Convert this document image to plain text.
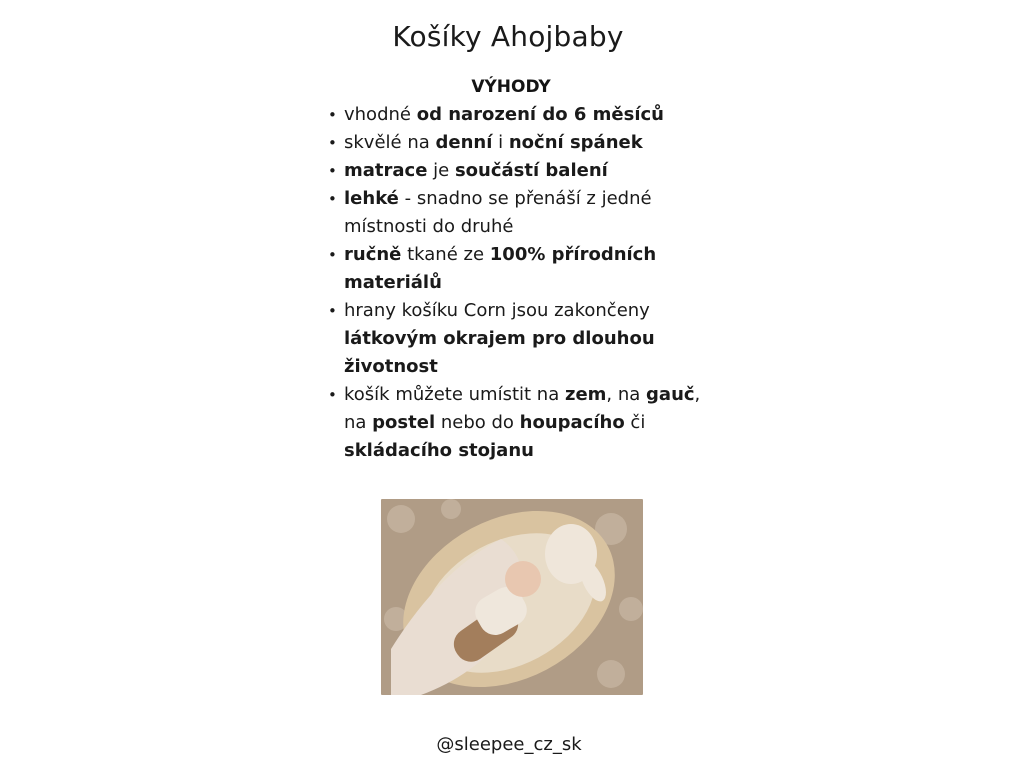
Košíky Ahojbaby
VÝHODY
• vhodné od narození do 6 měsíců
• skvělé na denní i noční spánek
• matrace je součástí balení
• lehké - snadno se přenáší z jedné místnosti do druhé
• ručně tkané ze 100% přírodních materiálů
• hrany košíku Corn jsou zakončeny látkovým okrajem pro dlouhou životnost
• košík můžete umístit na zem, na gauč, na postel nebo do houpacího či skládacího stojanu

@sleepee_cz_sk
